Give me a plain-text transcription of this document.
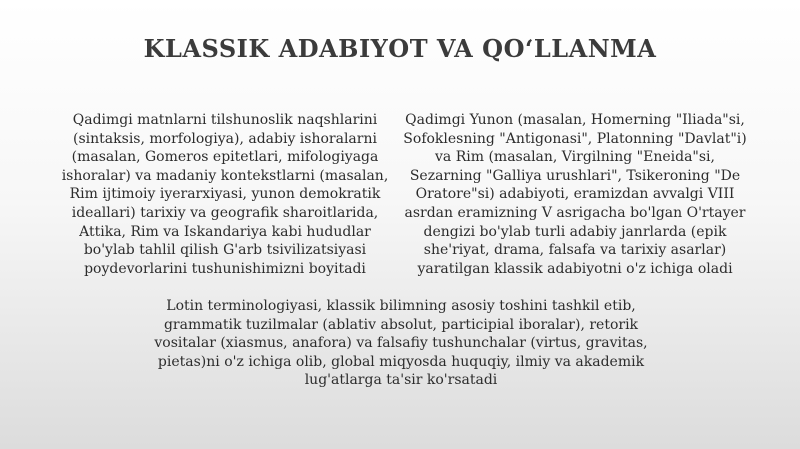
KLASSIK ADABIYOT VA QO‘LLANMA
Qadimgi matnlarni tilshunoslik naqshlarini (sintaksis, morfologiya), adabiy ishoralarni (masalan, Gomeros epitetlari, mifologiyaga ishoralar) va madaniy kontekstlarni (masalan, Rim ijtimoiy iyerarxiyasi, yunon demokratik ideallari) tarixiy va geografik sharoitlarida, Attika, Rim va Iskandariya kabi hududlar bo'ylab tahlil qilish G'arb tsivilizatsiyasi poydevorlarini tushunishimizni boyitadi
Qadimgi Yunon (masalan, Homerning "Iliada"si, Sofoklesning "Antigonasi", Platonning "Davlat"i) va Rim (masalan, Virgilning "Eneida"si, Sezarning "Galliya urushlari", Tsikeroning "De Oratore"si) adabiyoti, eramizdan avvalgi VIII asrdan eramizning V asrigacha bo'lgan O'rtayer dengizi bo'ylab turli adabiy janrlarda (epik she'riyat, drama, falsafa va tarixiy asarlar) yaratilgan klassik adabiyotni o'z ichiga oladi
Lotin terminologiyasi, klassik bilimning asosiy toshini tashkil etib, grammatik tuzilmalar (ablativ absolut, participial iboralar), retorik vositalar (xiasmus, anafora) va falsafiy tushunchalar (virtus, gravitas, pietas)ni o'z ichiga olib, global miqyosda huquqiy, ilmiy va akademik lug'atlarga ta'sir ko'rsatadi
